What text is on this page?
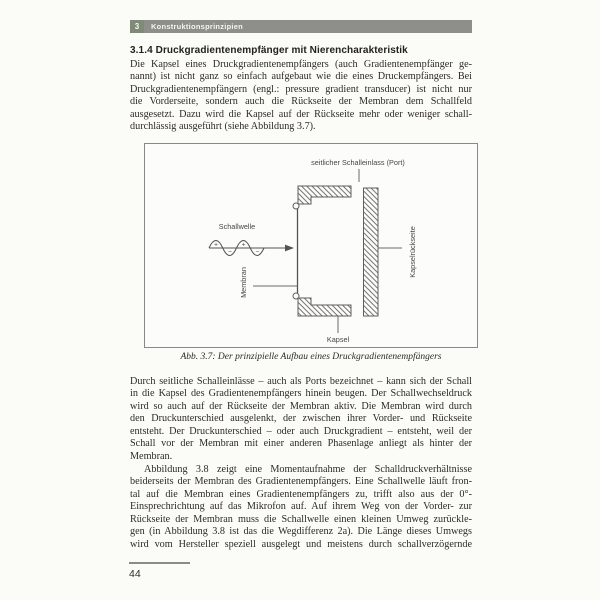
3	Konstruktionsprinzipien
3.1.4 Druckgradientenempfänger mit Nierencharakteristik
Die Kapsel eines Druckgradientenempfängers (auch Gradientenempfänger ge-
nannt) ist nicht ganz so einfach aufgebaut wie die eines Druckempfängers. Bei
Druckgradientenempfängern (engl.: pressure gradient transducer) ist nicht nur
die Vorderseite, sondern auch die Rückseite der Membran dem Schallfeld
ausgesetzt. Dazu wird die Kapsel auf der Rückseite mehr oder weniger schall-
durchlässig ausgeführt (siehe Abbildung 3.7).
seitlicher Schalleinlass (Port)
Schallwelle
+
−
+
−
Membran
Kapselrückseite
Kapsel
Abb. 3.7: Der prinzipielle Aufbau eines Druckgradientenempfängers
Durch seitliche Schalleinlässe – auch als Ports bezeichnet – kann sich der Schall
in die Kapsel des Gradientenempfängers hinein beugen. Der Schallwechseldruck
wird so auch auf der Rückseite der Membran aktiv. Die Membran wird durch
den Druckunterschied ausgelenkt, der zwischen ihrer Vorder- und Rückseite
entsteht. Der Druckunterschied – oder auch Druckgradient – entsteht, weil der
Schall vor der Membran mit einer anderen Phasenlage anliegt als hinter der
Membran.
Abbildung 3.8 zeigt eine Momentaufnahme der Schalldruckverhältnisse
beiderseits der Membran des Gradientenempfängers. Eine Schallwelle läuft fron-
tal auf die Membran eines Gradientenempfängers zu, trifft also aus der 0°-
Einsprechrichtung auf das Mikrofon auf. Auf ihrem Weg von der Vorder- zur
Rückseite der Membran muss die Schallwelle einen kleinen Umweg zurückle-
gen (in Abbildung 3.8 ist das die Wegdifferenz 2a). Die Länge dieses Umwegs
wird vom Hersteller speziell ausgelegt und meistens durch schallverzögernde
44
